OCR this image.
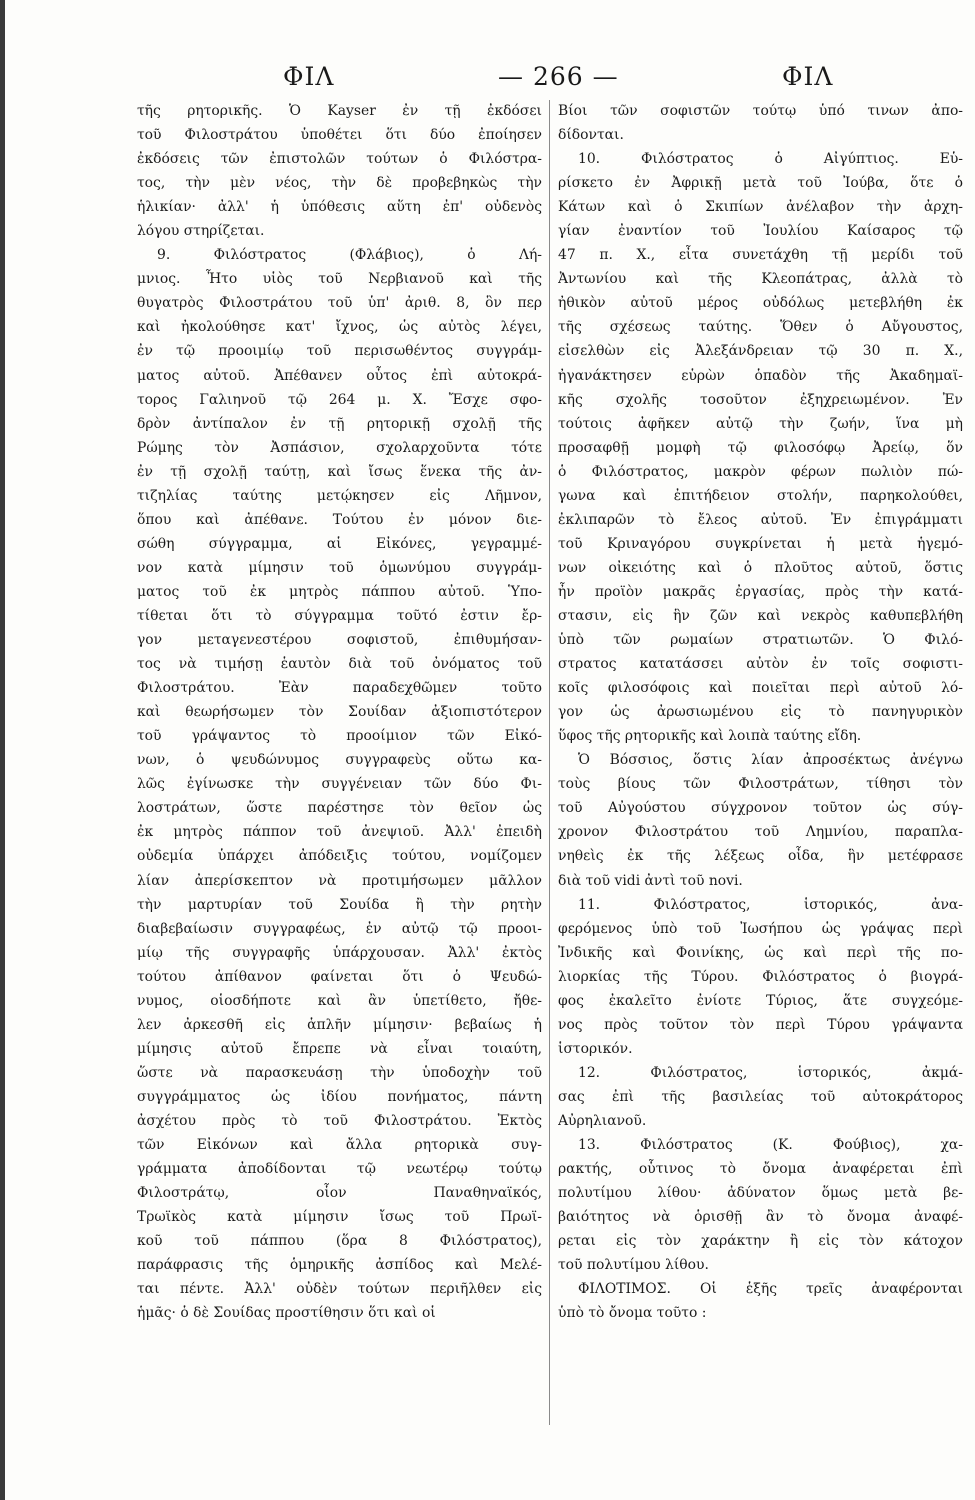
ΦΙΛ	— 266 —	ΦΙΛ
τῆς ρητορικῆς. Ὁ Kayser ἐν τῇ ἐκδόσει
τοῦ Φιλοστράτου ὑποθέτει ὅτι δύο ἐποίησεν
ἐκδόσεις τῶν ἐπιστολῶν τούτων ὁ Φιλόστρα-
τος, τὴν μὲν νέος, τὴν δὲ προβεβηκὼς τὴν
ἡλικίαν· ἀλλ' ἡ ὑπόθεσις αὕτη ἐπ' οὐδενὸς
λόγου στηρίζεται.
9. Φιλόστρατος (Φλάβιος), ὁ Λή-
μνιος. Ἦτο υἱὸς τοῦ Νερβιανοῦ καὶ τῆς
θυγατρὸς Φιλοστράτου τοῦ ὑπ' ἀριθ. 8, ὃν περ
καὶ ἠκολούθησε κατ' ἴχνος, ὡς αὐτὸς λέγει,
ἐν τῷ προοιμίῳ τοῦ περισωθέντος συγγράμ-
ματος αὐτοῦ. Ἀπέθανεν οὗτος ἐπὶ αὐτοκρά-
τορος Γαλιηνοῦ τῷ 264 μ. Χ. Ἔσχε σφο-
δρὸν ἀντίπαλον ἐν τῇ ρητορικῇ σχολῇ τῆς
Ρώμης τὸν Ἀσπάσιον, σχολαρχοῦντα τότε
ἐν τῇ σχολῇ ταύτῃ, καὶ ἴσως ἕνεκα τῆς ἀν-
τιζηλίας ταύτης μετῴκησεν εἰς Λῆμνον,
ὅπου καὶ ἀπέθανε. Τούτου ἐν μόνον διε-
σώθη σύγγραμμα, αἱ Εἰκόνες, γεγραμμέ-
νον κατὰ μίμησιν τοῦ ὁμωνύμου συγγράμ-
ματος τοῦ ἐκ μητρὸς πάππου αὐτοῦ. Ὑπο-
τίθεται ὅτι τὸ σύγγραμμα τοῦτό ἐστιν ἔρ-
γον μεταγενεστέρου σοφιστοῦ, ἐπιθυμήσαν-
τος νὰ τιμήσῃ ἑαυτὸν διὰ τοῦ ὀνόματος τοῦ
Φιλοστράτου. Ἐὰν παραδεχθῶμεν τοῦτο
καὶ θεωρήσωμεν τὸν Σουίδαν ἀξιοπιστότερον
τοῦ γράψαντος τὸ προοίμιον τῶν Εἰκό-
νων, ὁ ψευδώνυμος συγγραφεὺς οὕτω κα-
λῶς ἐγίνωσκε τὴν συγγένειαν τῶν δύο Φι-
λοστράτων, ὥστε παρέστησε τὸν θεῖον ὡς
ἐκ μητρὸς πάππον τοῦ ἀνεψιοῦ. Ἀλλ' ἐπειδὴ
οὐδεμία ὑπάρχει ἀπόδειξις τούτου, νομίζομεν
λίαν ἀπερίσκεπτον νὰ προτιμήσωμεν μᾶλλον
τὴν μαρτυρίαν τοῦ Σουίδα ἢ τὴν ρητὴν
διαβεβαίωσιν συγγραφέως, ἐν αὐτῷ τῷ προοι-
μίῳ τῆς συγγραφῆς ὑπάρχουσαν. Ἀλλ' ἐκτὸς
τούτου ἀπίθανον φαίνεται ὅτι ὁ Ψευδώ-
νυμος, οἱοσδήποτε καὶ ἂν ὑπετίθετο, ἤθε-
λεν ἀρκεσθῆ εἰς ἁπλῆν μίμησιν· βεβαίως ἡ
μίμησις αὐτοῦ ἔπρεπε νὰ εἶναι τοιαύτη,
ὥστε νὰ παρασκευάσῃ τὴν ὑποδοχὴν τοῦ
συγγράμματος ὡς ἰδίου πονήματος, πάντη
ἀσχέτου πρὸς τὸ τοῦ Φιλοστράτου. Ἐκτὸς
τῶν Εἰκόνων καὶ ἄλλα ρητορικὰ συγ-
γράμματα ἀποδίδονται τῷ νεωτέρῳ τούτῳ
Φιλοστράτῳ, οἷον Παναθηναϊκός,
Τρωϊκὸς κατὰ μίμησιν ἴσως τοῦ Πρωϊ-
κοῦ τοῦ πάππου (ὅρα 8 Φιλόστρατος),
παράφρασις τῆς ὁμηρικῆς ἀσπίδος καὶ Μελέ-
ται πέντε. Ἀλλ' οὐδὲν τούτων περιῆλθεν εἰς
ἡμᾶς· ὁ δὲ Σουίδας προστίθησιν ὅτι καὶ οἱ
Βίοι τῶν σοφιστῶν τούτῳ ὑπό τινων ἀπο-
δίδονται.
10. Φιλόστρατος ὁ Αἰγύπτιος. Εὑ-
ρίσκετο ἐν Ἀφρικῇ μετὰ τοῦ Ἰούβα, ὅτε ὁ
Κάτων καὶ ὁ Σκιπίων ἀνέλαβον τὴν ἀρχη-
γίαν ἐναντίον τοῦ Ἰουλίου Καίσαρος τῷ
47 π. Χ., εἶτα συνετάχθη τῇ μερίδι τοῦ
Ἀντωνίου καὶ τῆς Κλεοπάτρας, ἀλλὰ τὸ
ἠθικὸν αὐτοῦ μέρος οὐδόλως μετεβλήθη ἐκ
τῆς σχέσεως ταύτης. Ὅθεν ὁ Αὔγουστος,
εἰσελθὼν εἰς Ἀλεξάνδρειαν τῷ 30 π. Χ.,
ἠγανάκτησεν εὑρὼν ὁπαδὸν τῆς Ἀκαδημαϊ-
κῆς σχολῆς τοσοῦτον ἐξηχρειωμένον. Ἐν
τούτοις ἀφῆκεν αὐτῷ τὴν ζωήν, ἵνα μὴ
προσαφθῇ μομφὴ τῷ φιλοσόφῳ Ἀρείῳ, ὅν
ὁ Φιλόστρατος, μακρὸν φέρων πωλιὸν πώ-
γωνα καὶ ἐπιτήδειον στολήν, παρηκολούθει,
ἐκλιπαρῶν τὸ ἔλεος αὐτοῦ. Ἐν ἐπιγράμματι
τοῦ Κριναγόρου συγκρίνεται ἡ μετὰ ἡγεμό-
νων οἰκειότης καὶ ὁ πλοῦτος αὐτοῦ, ὅστις
ἦν προϊὸν μακρᾶς ἐργασίας, πρὸς τὴν κατά-
στασιν, εἰς ἣν ζῶν καὶ νεκρὸς καθυπεβλήθη
ὑπὸ τῶν ρωμαίων στρατιωτῶν. Ὁ Φιλό-
στρατος κατατάσσει αὐτὸν ἐν τοῖς σοφιστι-
κοῖς φιλοσόφοις καὶ ποιεῖται περὶ αὐτοῦ λό-
γον ὡς ἀρωσιωμένου εἰς τὸ πανηγυρικὸν
ὕφος τῆς ρητορικῆς καὶ λοιπὰ ταύτης εἴδη.
Ὁ Βόσσιος, ὅστις λίαν ἀπροσέκτως ἀνέγνω
τοὺς βίους τῶν Φιλοστράτων, τίθησι τὸν
τοῦ Αὐγούστου σύγχρονον τοῦτον ὡς σύγ-
χρονον Φιλοστράτου τοῦ Λημνίου, παραπλα-
νηθεὶς ἐκ τῆς λέξεως οἶδα, ἣν μετέφρασε
διὰ τοῦ vidi ἀντὶ τοῦ novi.
11. Φιλόστρατος, ἱστορικός, ἀνα-
φερόμενος ὑπὸ τοῦ Ἰωσήπου ὡς γράψας περὶ
Ἰνδικῆς καὶ Φοινίκης, ὡς καὶ περὶ τῆς πο-
λιορκίας τῆς Τύρου. Φιλόστρατος ὁ βιογρά-
φος ἐκαλεῖτο ἐνίοτε Τύριος, ἅτε συγχεόμε-
νος πρὸς τοῦτον τὸν περὶ Τύρου γράψαντα
ἱστορικόν.
12. Φιλόστρατος, ἱστορικός, ἀκμά-
σας ἐπὶ τῆς βασιλείας τοῦ αὐτοκράτορος
Αὐρηλιανοῦ.
13. Φιλόστρατος (Κ. Φούβιος), χα-
ρακτής, οὗτινος τὸ ὄνομα ἀναφέρεται ἐπὶ
πολυτίμου λίθου· ἀδύνατον ὅμως μετὰ βε-
βαιότητος νὰ ὁρισθῇ ἂν τὸ ὄνομα ἀναφέ-
ρεται εἰς τὸν χαράκτην ἢ εἰς τὸν κάτοχον
τοῦ πολυτίμου λίθου.
ΦΙΛΟΤΙΜΟΣ. Οἱ ἑξῆς τρεῖς ἀναφέρονται
ὑπὸ τὸ ὄνομα τοῦτο :
